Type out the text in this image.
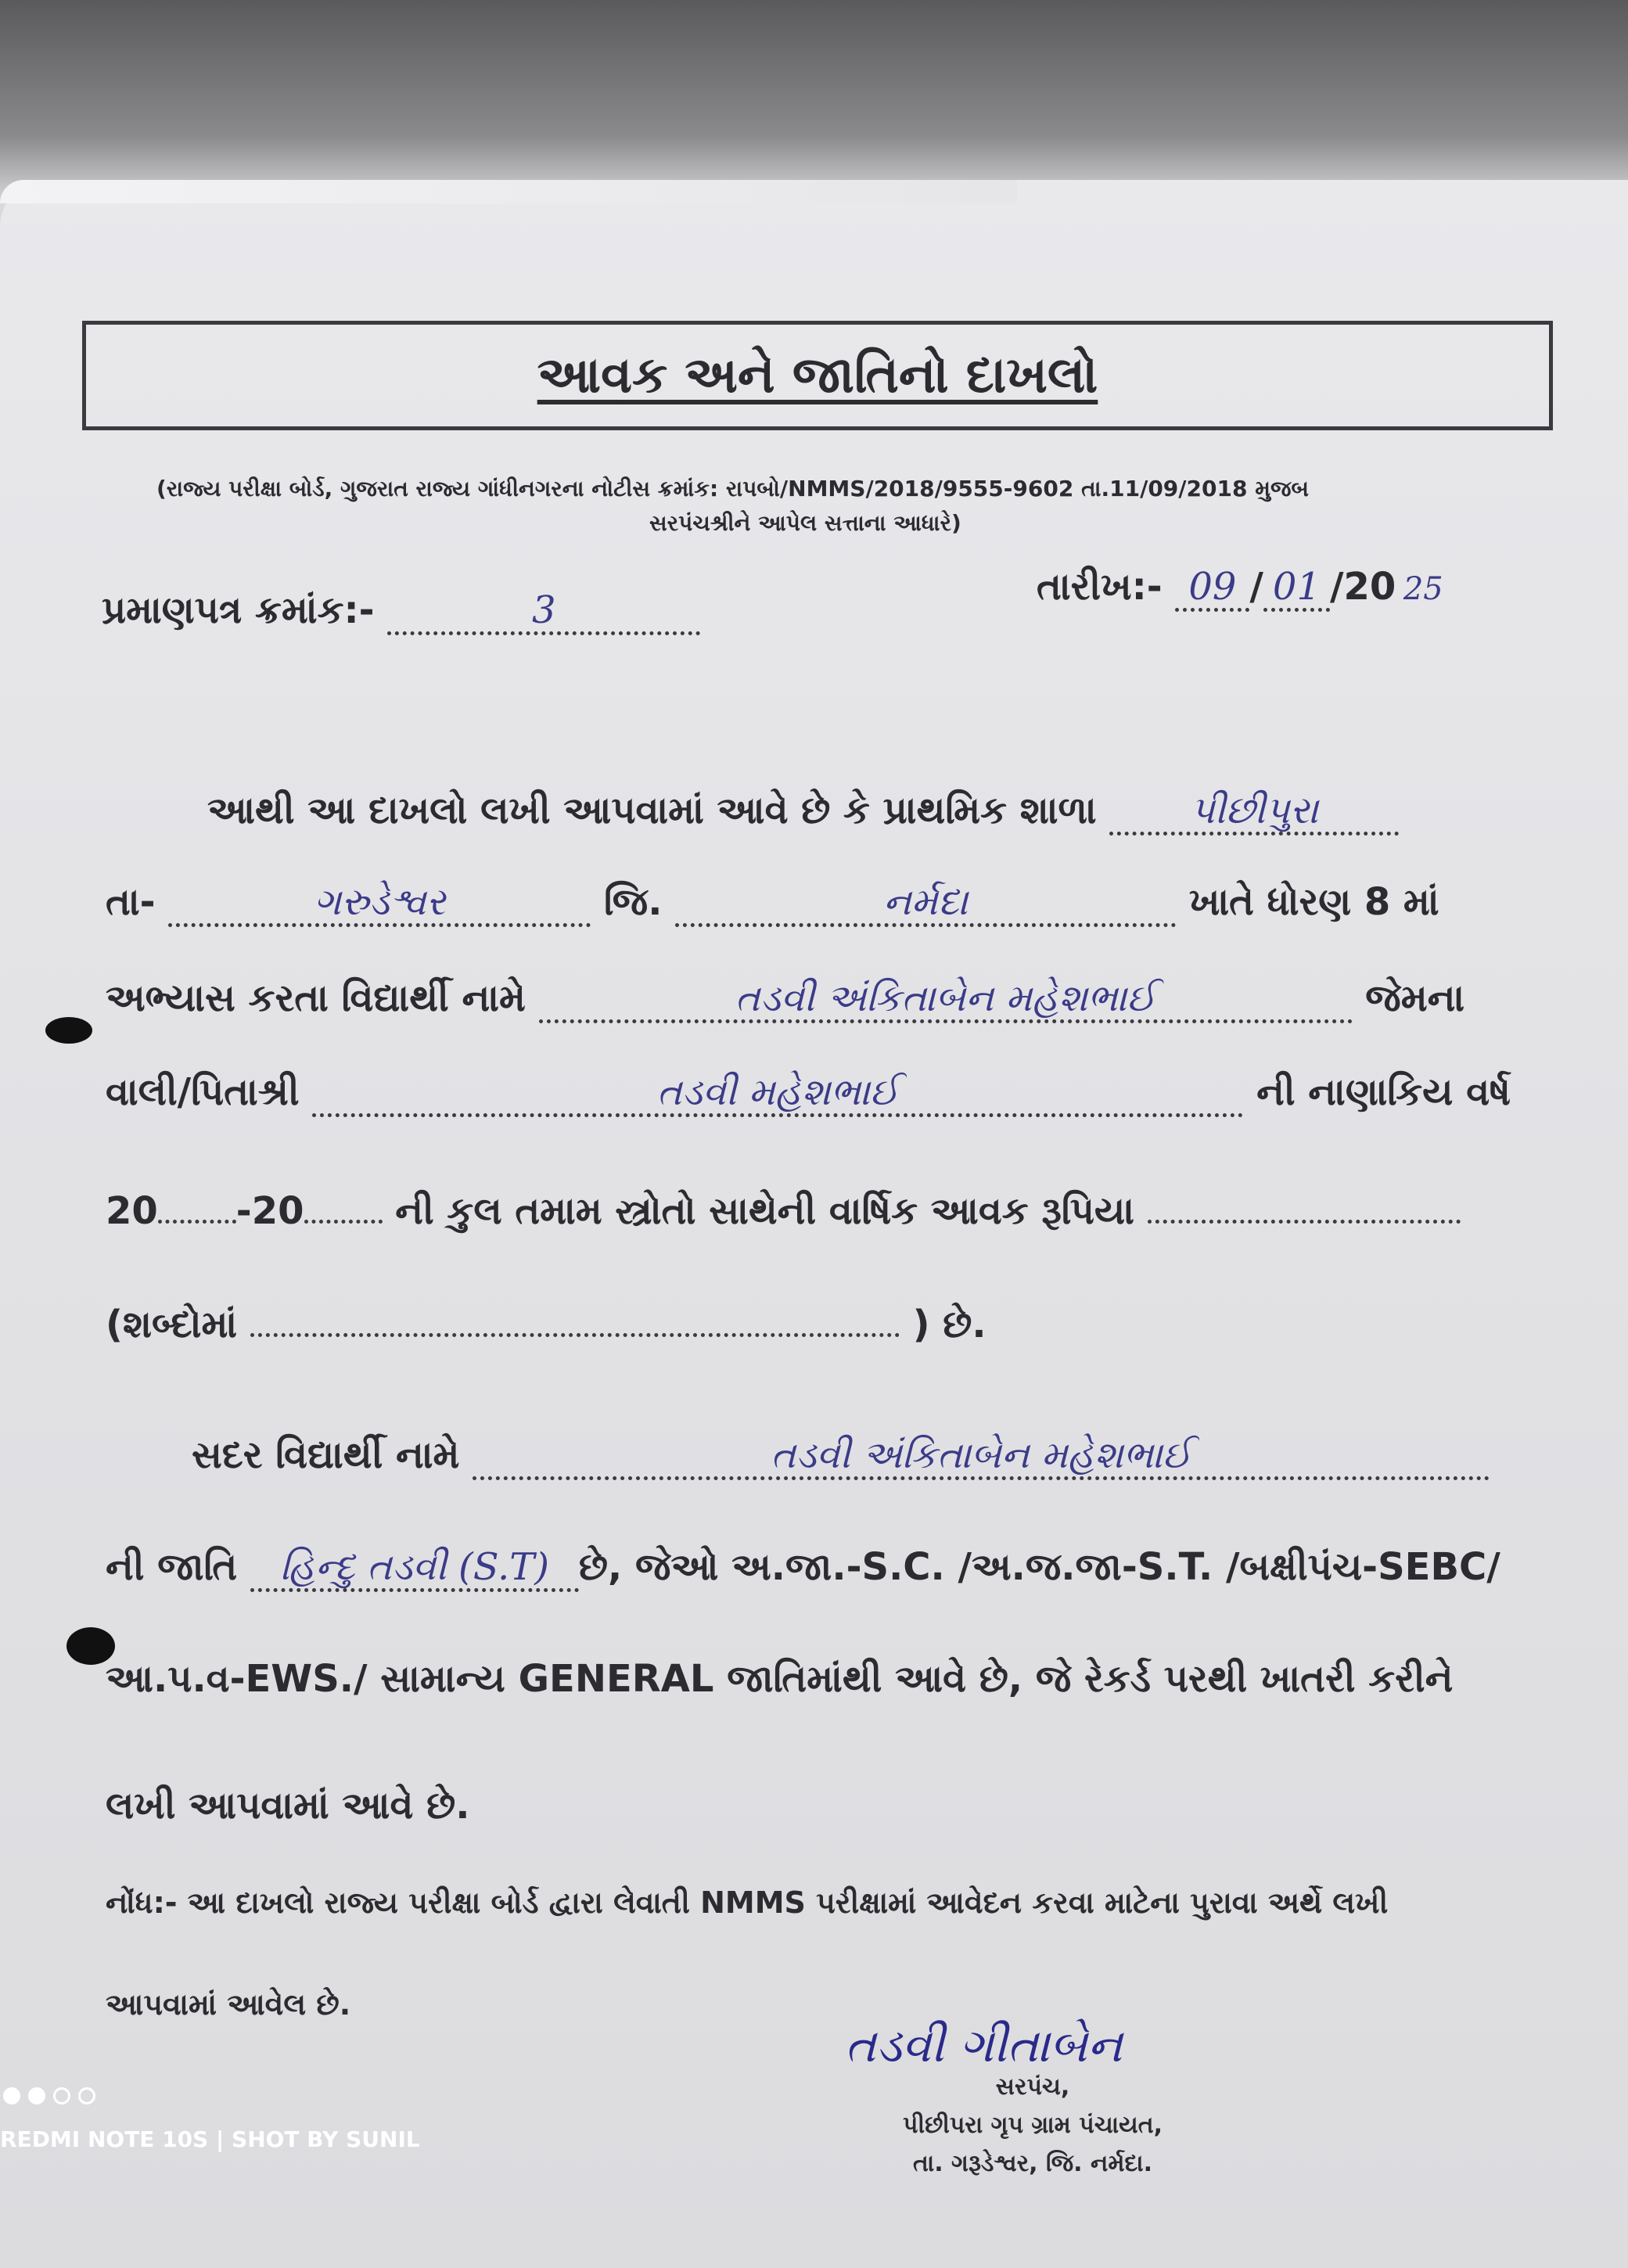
આવક અને જાતિનો દાખલો
(રાજ્ય પરીક્ષા બોર્ડ, ગુજરાત રાજ્ય ગાંધીનગરના નોટીસ ક્રમાંક: રાપબો/NMMS/2018/9555-9602 તા.11/09/2018 મુજબ
સરપંચશ્રીને આપેલ સત્તાના આધારે)
પ્રમાણપત્ર ક્રમાંક:-	3
તારીખ:- 09 / 01 /20 25
આથી આ દાખલો લખી આપવામાં આવે છે કે પ્રાથમિક શાળા પીછીપુરા
તા-	ગરુડેશ્વર	જિ.	નર્મદા	ખાતે ધોરણ 8 માં
અભ્યાસ કરતા વિદ્યાર્થી નામે	તડવી અંકિતાબેન મહેશભાઈ	જેમના
વાલી/પિતાશ્રી	તડવી મહેશભાઈ	ની નાણાકિય વર્ષ
20 -20 ની કુલ તમામ સ્ત્રોતો સાથેની વાર્ષિક આવક રૂપિયા
(શબ્દોમાં	) છે.
સદર વિદ્યાર્થી નામે	તડવી અંકિતાબેન મહેશભાઈ
ની જાતિ હિન્દુ તડવી (S.T) છે, જેઓ અ.જા.-S.C. /અ.જ.જા-S.T. /બક્ષીપંચ-SEBC/
આ.પ.વ-EWS./ સામાન્ય GENERAL જાતિમાંથી આવે છે, જે રેકર્ડ પરથી ખાતરી કરીને
લખી આપવામાં આવે છે.
નોંધ:- આ દાખલો રાજ્ય પરીક્ષા બોર્ડ દ્વારા લેવાતી NMMS પરીક્ષામાં આવેદન કરવા માટેના પુરાવા અર્થે લખી
આપવામાં આવેલ છે.
તડવી ગીતાબેન
સરપંચ,
પીછીપરા ગૃપ ગ્રામ પંચાયત,
તા. ગરૂડેશ્વર, જિ. નર્મદા.
REDMI NOTE 10S | SHOT BY SUNIL
